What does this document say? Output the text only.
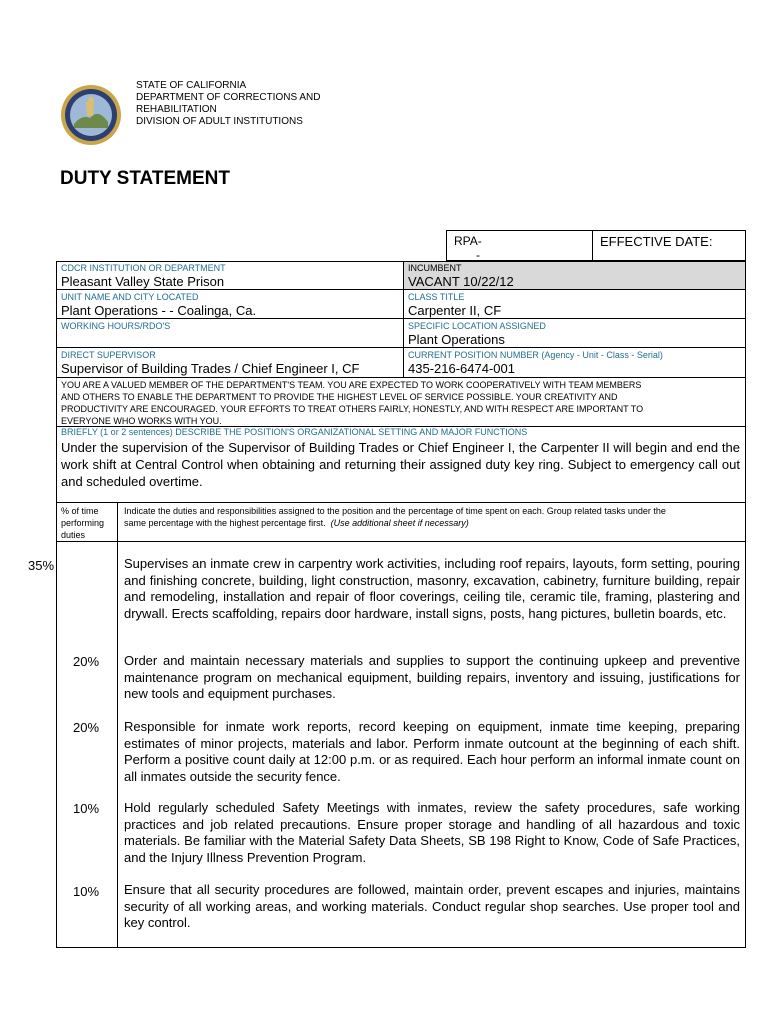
STATE OF CALIFORNIA
DEPARTMENT OF CORRECTIONS AND
REHABILITATION
DIVISION OF ADULT INSTITUTIONS
DUTY STATEMENT
RPA-
-
EFFECTIVE DATE:
CDCR INSTITUTION OR DEPARTMENT
Pleasant Valley State Prison
INCUMBENT
VACANT 10/22/12
UNIT NAME AND CITY LOCATED
Plant Operations - - Coalinga, Ca.
CLASS TITLE
Carpenter II, CF
WORKING HOURS/RDO'S	SPECIFIC LOCATION ASSIGNED
Plant Operations
DIRECT SUPERVISOR
Supervisor of Building Trades / Chief Engineer I, CF
CURRENT POSITION NUMBER (Agency - Unit - Class - Serial)
435-216-6474-001
YOU ARE A VALUED MEMBER OF THE DEPARTMENT'S TEAM. YOU ARE EXPECTED TO WORK COOPERATIVELY WITH TEAM MEMBERS
AND OTHERS TO ENABLE THE DEPARTMENT TO PROVIDE THE HIGHEST LEVEL OF SERVICE POSSIBLE. YOUR CREATIVITY AND
PRODUCTIVITY ARE ENCOURAGED. YOUR EFFORTS TO TREAT OTHERS FAIRLY, HONESTLY, AND WITH RESPECT ARE IMPORTANT TO
EVERYONE WHO WORKS WITH YOU.
BRIEFLY (1 or 2 sentences) DESCRIBE THE POSITION'S ORGANIZATIONAL SETTING AND MAJOR FUNCTIONS
Under the supervision of the Supervisor of Building Trades or Chief Engineer I, the Carpenter II will begin and end the work shift at Central Control when obtaining and returning their assigned duty key ring. Subject to emergency call out and scheduled overtime.
% of time
performing
duties
Indicate the duties and responsibilities assigned to the position and the percentage of time spent on each. Group related tasks under the
same percentage with the highest percentage first. (Use additional sheet if necessary)
35%	Supervises an inmate crew in carpentry work activities, including roof repairs, layouts, form setting, pouring and finishing concrete, building, light construction, masonry, excavation, cabinetry, furniture building, repair and remodeling, installation and repair of floor coverings, ceiling tile, ceramic tile, framing, plastering and drywall. Erects scaffolding, repairs door hardware, install signs, posts, hang pictures, bulletin boards, etc.
20% Order and maintain necessary materials and supplies to support the continuing upkeep and preventive maintenance program on mechanical equipment, building repairs, inventory and issuing, justifications for new tools and equipment purchases.
20% Responsible for inmate work reports, record keeping on equipment, inmate time keeping, preparing estimates of minor projects, materials and labor. Perform inmate outcount at the beginning of each shift. Perform a positive count daily at 12:00 p.m. or as required. Each hour perform an informal inmate count on all inmates outside the security fence.
10% Hold regularly scheduled Safety Meetings with inmates, review the safety procedures, safe working practices and job related precautions. Ensure proper storage and handling of all hazardous and toxic materials. Be familiar with the Material Safety Data Sheets, SB 198 Right to Know, Code of Safe Practices, and the Injury Illness Prevention Program.
10% Ensure that all security procedures are followed, maintain order, prevent escapes and injuries, maintains security of all working areas, and working materials. Conduct regular shop searches. Use proper tool and key control.
